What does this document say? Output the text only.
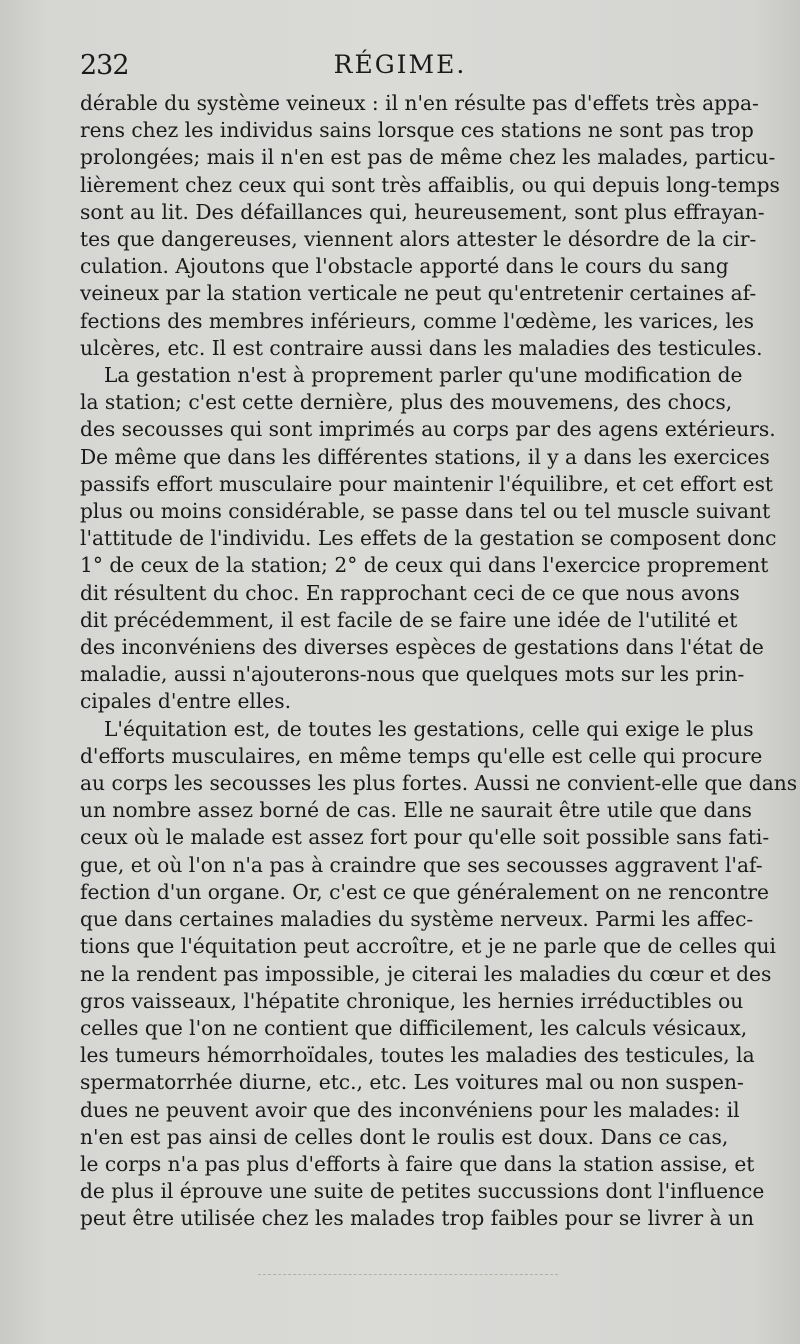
232	RÉGIME.
dérable du système veineux : il n'en résulte pas d'effets très appa-
rens chez les individus sains lorsque ces stations ne sont pas trop
prolongées; mais il n'en est pas de même chez les malades, particu-
lièrement chez ceux qui sont très affaiblis, ou qui depuis long-temps
sont au lit. Des défaillances qui, heureusement, sont plus effrayan-
tes que dangereuses, viennent alors attester le désordre de la cir-
culation. Ajoutons que l'obstacle apporté dans le cours du sang
veineux par la station verticale ne peut qu'entretenir certaines af-
fections des membres inférieurs, comme l'œdème, les varices, les
ulcères, etc. Il est contraire aussi dans les maladies des testicules.
La gestation n'est à proprement parler qu'une modification de
la station; c'est cette dernière, plus des mouvemens, des chocs,
des secousses qui sont imprimés au corps par des agens extérieurs.
De même que dans les différentes stations, il y a dans les exercices
passifs effort musculaire pour maintenir l'équilibre, et cet effort est
plus ou moins considérable, se passe dans tel ou tel muscle suivant
l'attitude de l'individu. Les effets de la gestation se composent donc
1° de ceux de la station; 2° de ceux qui dans l'exercice proprement
dit résultent du choc. En rapprochant ceci de ce que nous avons
dit précédemment, il est facile de se faire une idée de l'utilité et
des inconvéniens des diverses espèces de gestations dans l'état de
maladie, aussi n'ajouterons-nous que quelques mots sur les prin-
cipales d'entre elles.
L'équitation est, de toutes les gestations, celle qui exige le plus
d'efforts musculaires, en même temps qu'elle est celle qui procure
au corps les secousses les plus fortes. Aussi ne convient-elle que dans
un nombre assez borné de cas. Elle ne saurait être utile que dans
ceux où le malade est assez fort pour qu'elle soit possible sans fati-
gue, et où l'on n'a pas à craindre que ses secousses aggravent l'af-
fection d'un organe. Or, c'est ce que généralement on ne rencontre
que dans certaines maladies du système nerveux. Parmi les affec-
tions que l'équitation peut accroître, et je ne parle que de celles qui
ne la rendent pas impossible, je citerai les maladies du cœur et des
gros vaisseaux, l'hépatite chronique, les hernies irréductibles ou
celles que l'on ne contient que difficilement, les calculs vésicaux,
les tumeurs hémorrhoïdales, toutes les maladies des testicules, la
spermatorrhée diurne, etc., etc. Les voitures mal ou non suspen-
dues ne peuvent avoir que des inconvéniens pour les malades: il
n'en est pas ainsi de celles dont le roulis est doux. Dans ce cas,
le corps n'a pas plus d'efforts à faire que dans la station assise, et
de plus il éprouve une suite de petites succussions dont l'influence
peut être utilisée chez les malades trop faibles pour se livrer à un
